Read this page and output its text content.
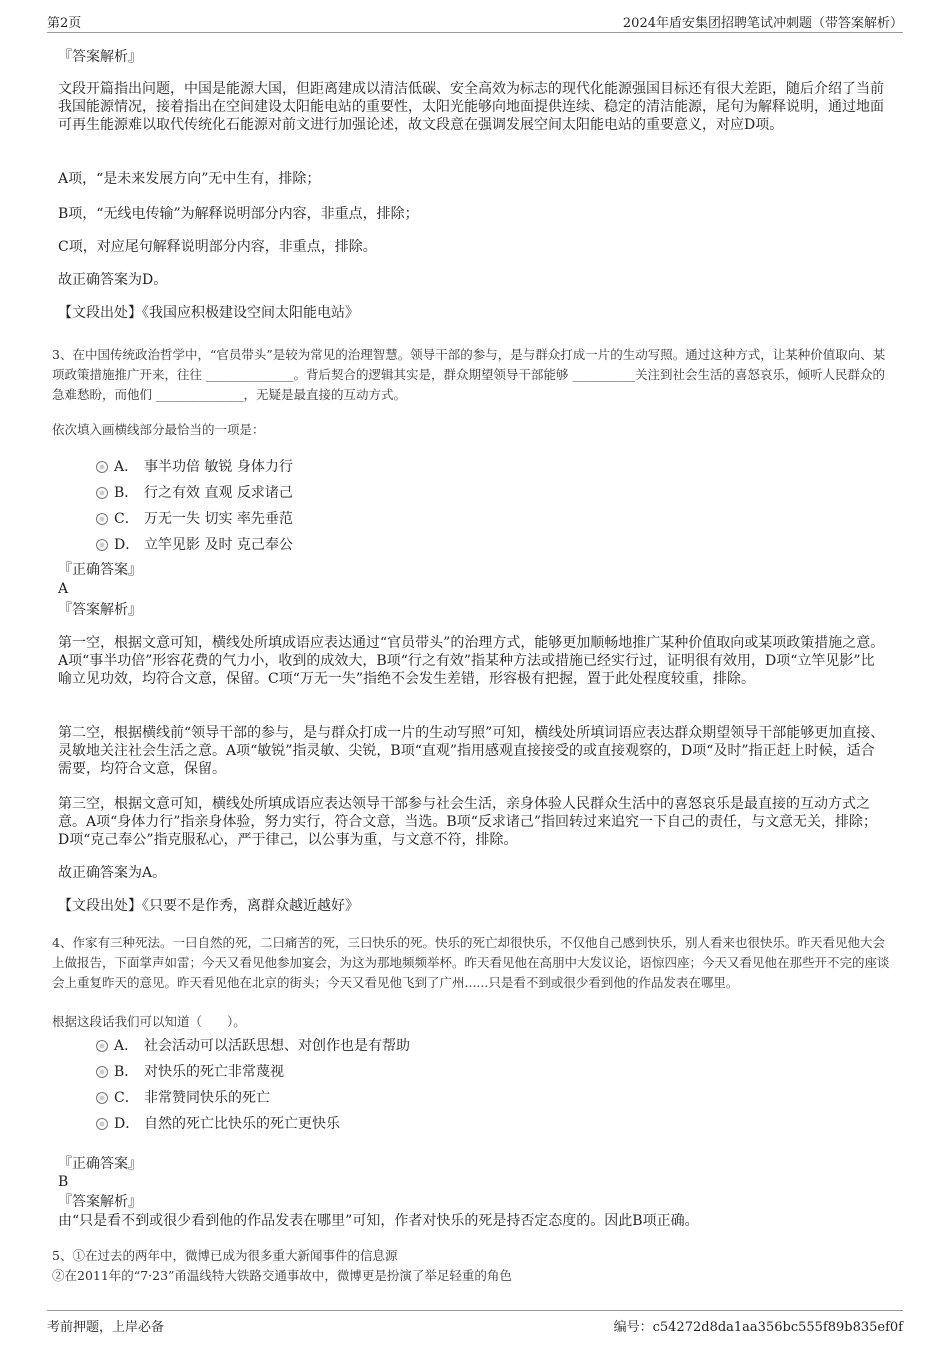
第2页	2024年盾安集团招聘笔试冲刺题（带答案解析）
『答案解析』
文段开篇指出问题，中国是能源大国，但距离建成以清洁低碳、安全高效为标志的现代化能源强国目标还有很大差距，随后介绍了当前我国能源情况，接着指出在空间建设太阳能电站的重要性，太阳光能够向地面提供连续、稳定的清洁能源，尾句为解释说明，通过地面可再生能源难以取代传统化石能源对前文进行加强论述，故文段意在强调发展空间太阳能电站的重要意义，对应D项。
A项，“是未来发展方向”无中生有，排除；
B项，“无线电传输”为解释说明部分内容，非重点，排除；
C项，对应尾句解释说明部分内容，非重点，排除。
故正确答案为D。
【文段出处】《我国应积极建设空间太阳能电站》
3、在中国传统政治哲学中，“官员带头”是较为常见的治理智慧。领导干部的参与，是与群众打成一片的生动写照。通过这种方式，让某种价值取向、某项政策措施推广开来，往往 ______________。背后契合的逻辑其实是，群众期望领导干部能够 __________关注到社会生活的喜怒哀乐，倾听人民群众的急难愁盼，而他们 ______________，无疑是最直接的互动方式。
依次填入画横线部分最恰当的一项是：
A． 事半功倍 敏锐 身体力行
B． 行之有效 直观 反求诸己
C． 万无一失 切实 率先垂范
D． 立竿见影 及时 克己奉公
『正确答案』
A
『答案解析』
第一空，根据文意可知，横线处所填成语应表达通过“官员带头”的治理方式，能够更加顺畅地推广某种价值取向或某项政策措施之意。A项“事半功倍”形容花费的气力小，收到的成效大，B项“行之有效”指某种方法或措施已经实行过，证明很有效用，D项“立竿见影”比喻立见功效，均符合文意，保留。C项“万无一失”指绝不会发生差错，形容极有把握，置于此处程度较重，排除。
第二空，根据横线前“领导干部的参与，是与群众打成一片的生动写照”可知，横线处所填词语应表达群众期望领导干部能够更加直接、灵敏地关注社会生活之意。A项“敏锐”指灵敏、尖锐，B项“直观”指用感观直接接受的或直接观察的，D项“及时”指正赶上时候，适合需要，均符合文意，保留。
第三空，根据文意可知，横线处所填成语应表达领导干部参与社会生活，亲身体验人民群众生活中的喜怒哀乐是最直接的互动方式之意。A项“身体力行”指亲身体验，努力实行，符合文意，当选。B项“反求诸己”指回转过来追究一下自己的责任，与文意无关，排除；D项“克己奉公”指克服私心，严于律己，以公事为重，与文意不符，排除。
故正确答案为A。
【文段出处】《只要不是作秀，离群众越近越好》
4、作家有三种死法。一曰自然的死，二曰痛苦的死，三曰快乐的死。快乐的死亡却很快乐，不仅他自己感到快乐，别人看来也很快乐。昨天看见他大会上做报告，下面掌声如雷；今天又看见他参加宴会，为这为那地频频举杯。昨天看见他在高朋中大发议论，语惊四座；今天又看见他在那些开不完的座谈会上重复昨天的意见。昨天看见他在北京的街头；今天又看见他飞到了广州......只是看不到或很少看到他的作品发表在哪里。
根据这段话我们可以知道（　　）。
A． 社会活动可以活跃思想、对创作也是有帮助
B． 对快乐的死亡非常蔑视
C． 非常赞同快乐的死亡
D． 自然的死亡比快乐的死亡更快乐
『正确答案』
B
『答案解析』
由“只是看不到或很少看到他的作品发表在哪里”可知，作者对快乐的死是持否定态度的。因此B项正确。
5、①在过去的两年中，微博已成为很多重大新闻事件的信息源
②在2011年的“7·23”甬温线特大铁路交通事故中，微博更是扮演了举足轻重的角色
考前押题，上岸必备	编号：c54272d8da1aa356bc555f89b835ef0f
